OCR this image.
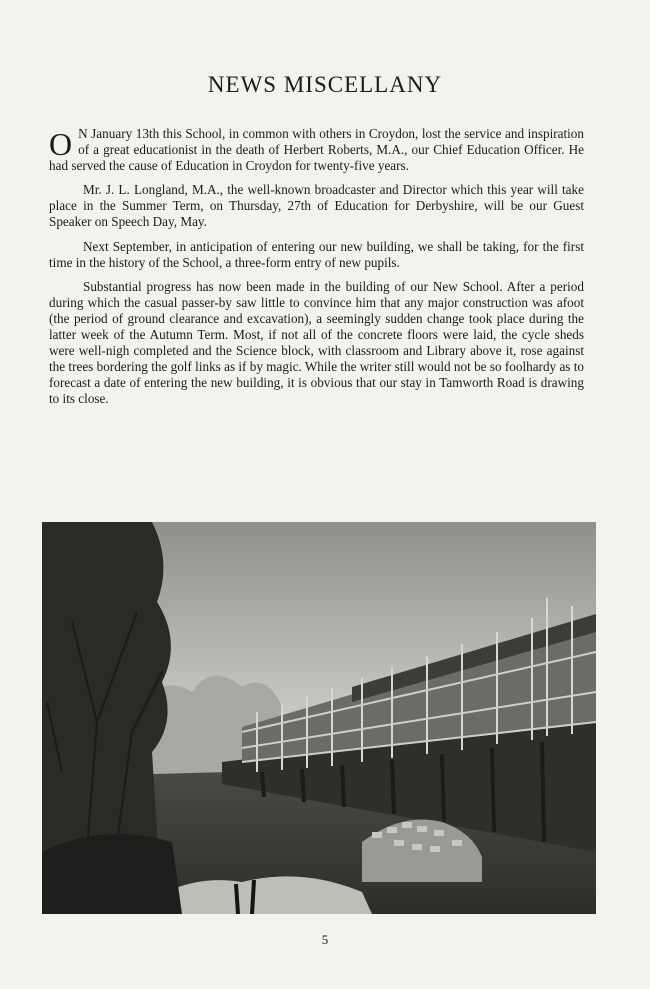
NEWS MISCELLANY

O N January 13th this School, in common with others in Croydon, lost the service and inspiration of a great educationist in the death of Herbert Roberts, M.A., our Chief Education Officer. He had served the cause of Education in Croydon for twenty-five years.

Mr. J. L. Longland, M.A., the well-known broadcaster and Director which this year will take place in the Summer Term, on Thursday, 27th of Education for Derbyshire, will be our Guest Speaker on Speech Day, May.

Next September, in anticipation of entering our new building, we shall be taking, for the first time in the history of the School, a three-form entry of new pupils.

Substantial progress has now been made in the building of our New School. After a period during which the casual passer-by saw little to convince him that any major construction was afoot (the period of ground clearance and excavation), a seemingly sudden change took place during the latter week of the Autumn Term. Most, if not all of the concrete floors were laid, the cycle sheds were well-nigh completed and the Science block, with classroom and Library above it, rose against the trees bordering the golf links as if by magic. While the writer still would not be so foolhardy as to forecast a date of entering the new building, it is obvious that our stay in Tamworth Road is drawing to its close.

5
